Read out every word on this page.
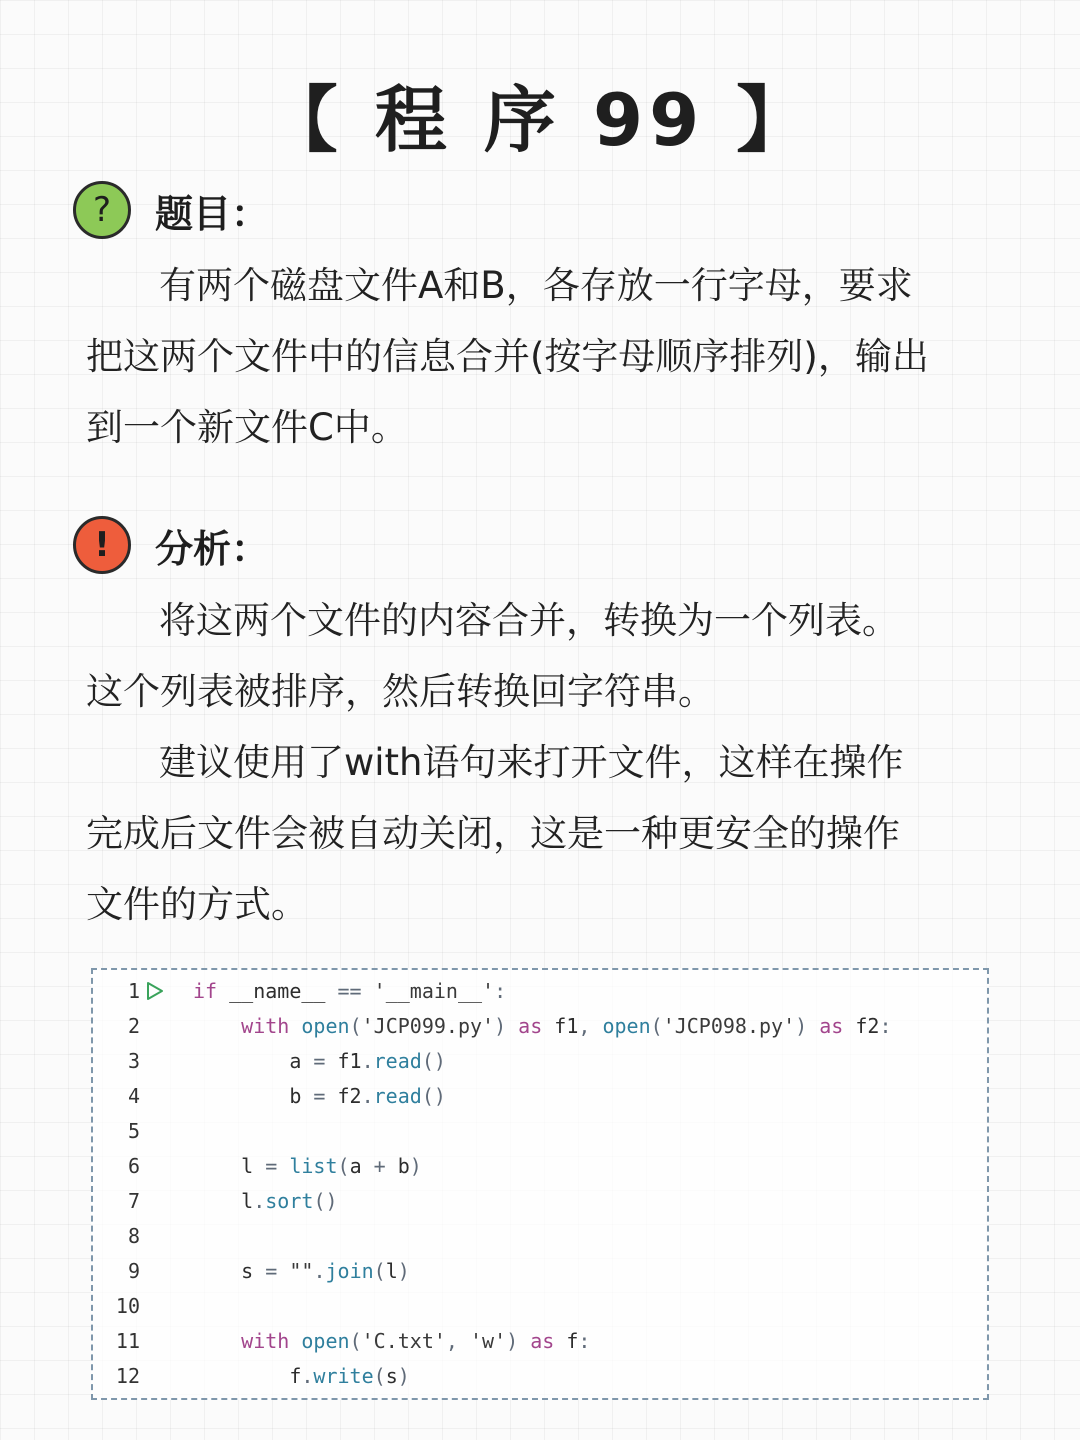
【 程 序 99 】
?	题目：
有两个磁盘文件A和B，各存放一行字母，要求
把这两个文件中的信息合并(按字母顺序排列)，输出
到一个新文件C中。
!	分析：
将这两个文件的内容合并，转换为一个列表。
这个列表被排序，然后转换回字符串。
建议使用了with语句来打开文件，这样在操作
完成后文件会被自动关闭，这是一种更安全的操作
文件的方式。
1	if __name__ == '__main__':
2	with open('JCP099.py') as f1, open('JCP098.py') as f2:
3	a = f1.read()
4	b = f2.read()
5
6	l = list(a + b)
7	l.sort()
8
9	s = "".join(l)
10
11	with open('C.txt', 'w') as f:
12	f.write(s)
